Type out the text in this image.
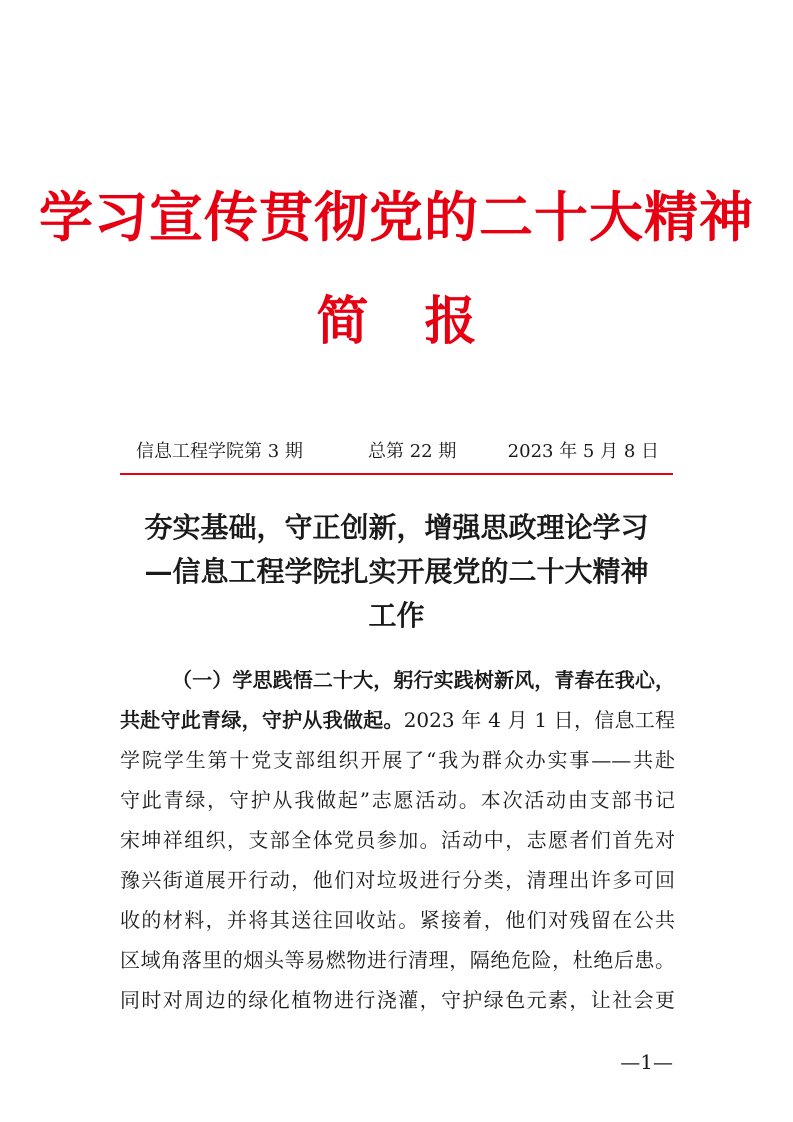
学习宣传贯彻党的二十大精神
简 报
信息工程学院第 3 期	总第 22 期	2023 年 5 月 8 日
夯实基础，守正创新，增强思政理论学习
—信息工程学院扎实开展党的二十大精神
工作
（一）学思践悟二十大，躬行实践树新风，青春在我心，
共赴守此青绿，守护从我做起。2023 年 4 月 1 日，信息工程
学院学生第十党支部组织开展了“我为群众办实事——共赴
守此青绿，守护从我做起”志愿活动。本次活动由支部书记
宋坤祥组织，支部全体党员参加。活动中，志愿者们首先对
豫兴街道展开行动，他们对垃圾进行分类，清理出许多可回
收的材料，并将其送往回收站。紧接着，他们对残留在公共
区域角落里的烟头等易燃物进行清理，隔绝危险，杜绝后患。
同时对周边的绿化植物进行浇灌，守护绿色元素，让社会更
—1—
